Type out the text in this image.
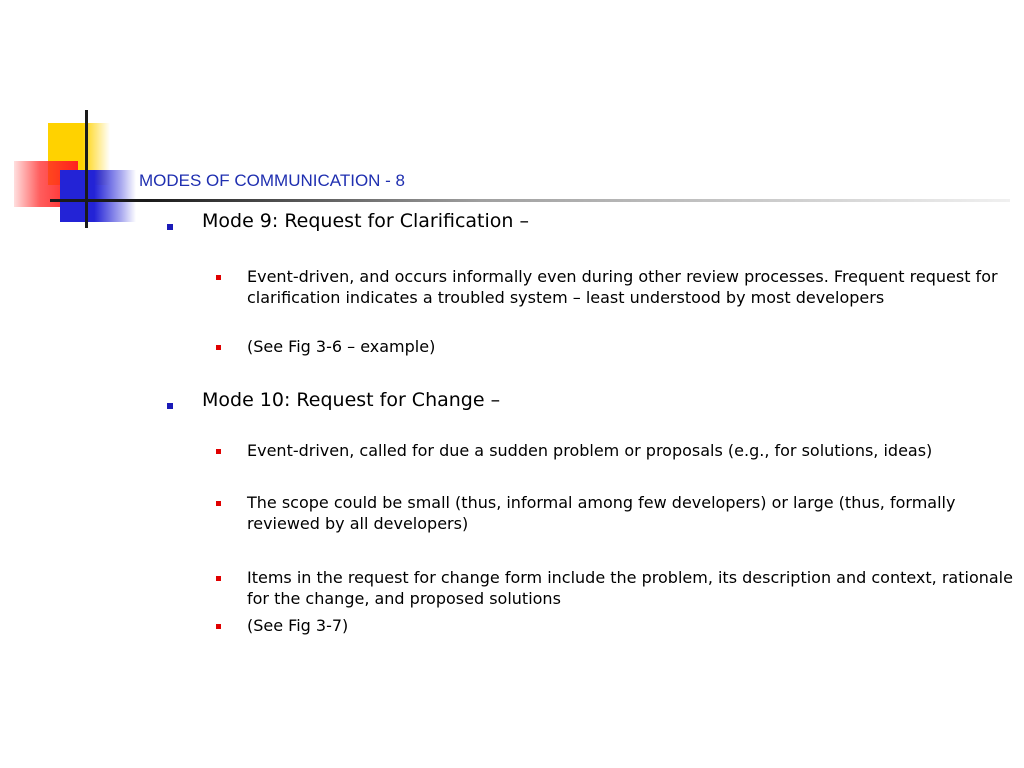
MODES OF COMMUNICATION - 8
Mode 9: Request for Clarification –
Event-driven, and occurs informally even during other review processes. Frequent request for clarification indicates a troubled system – least understood by most developers
(See Fig 3-6 – example)
Mode 10: Request for Change –
Event-driven, called for due a sudden problem or proposals (e.g., for solutions, ideas)
The scope could be small (thus, informal among few developers) or large (thus, formally reviewed by all developers)
Items in the request for change form include the problem, its description and context, rationale for the change, and proposed solutions
(See Fig 3-7)
